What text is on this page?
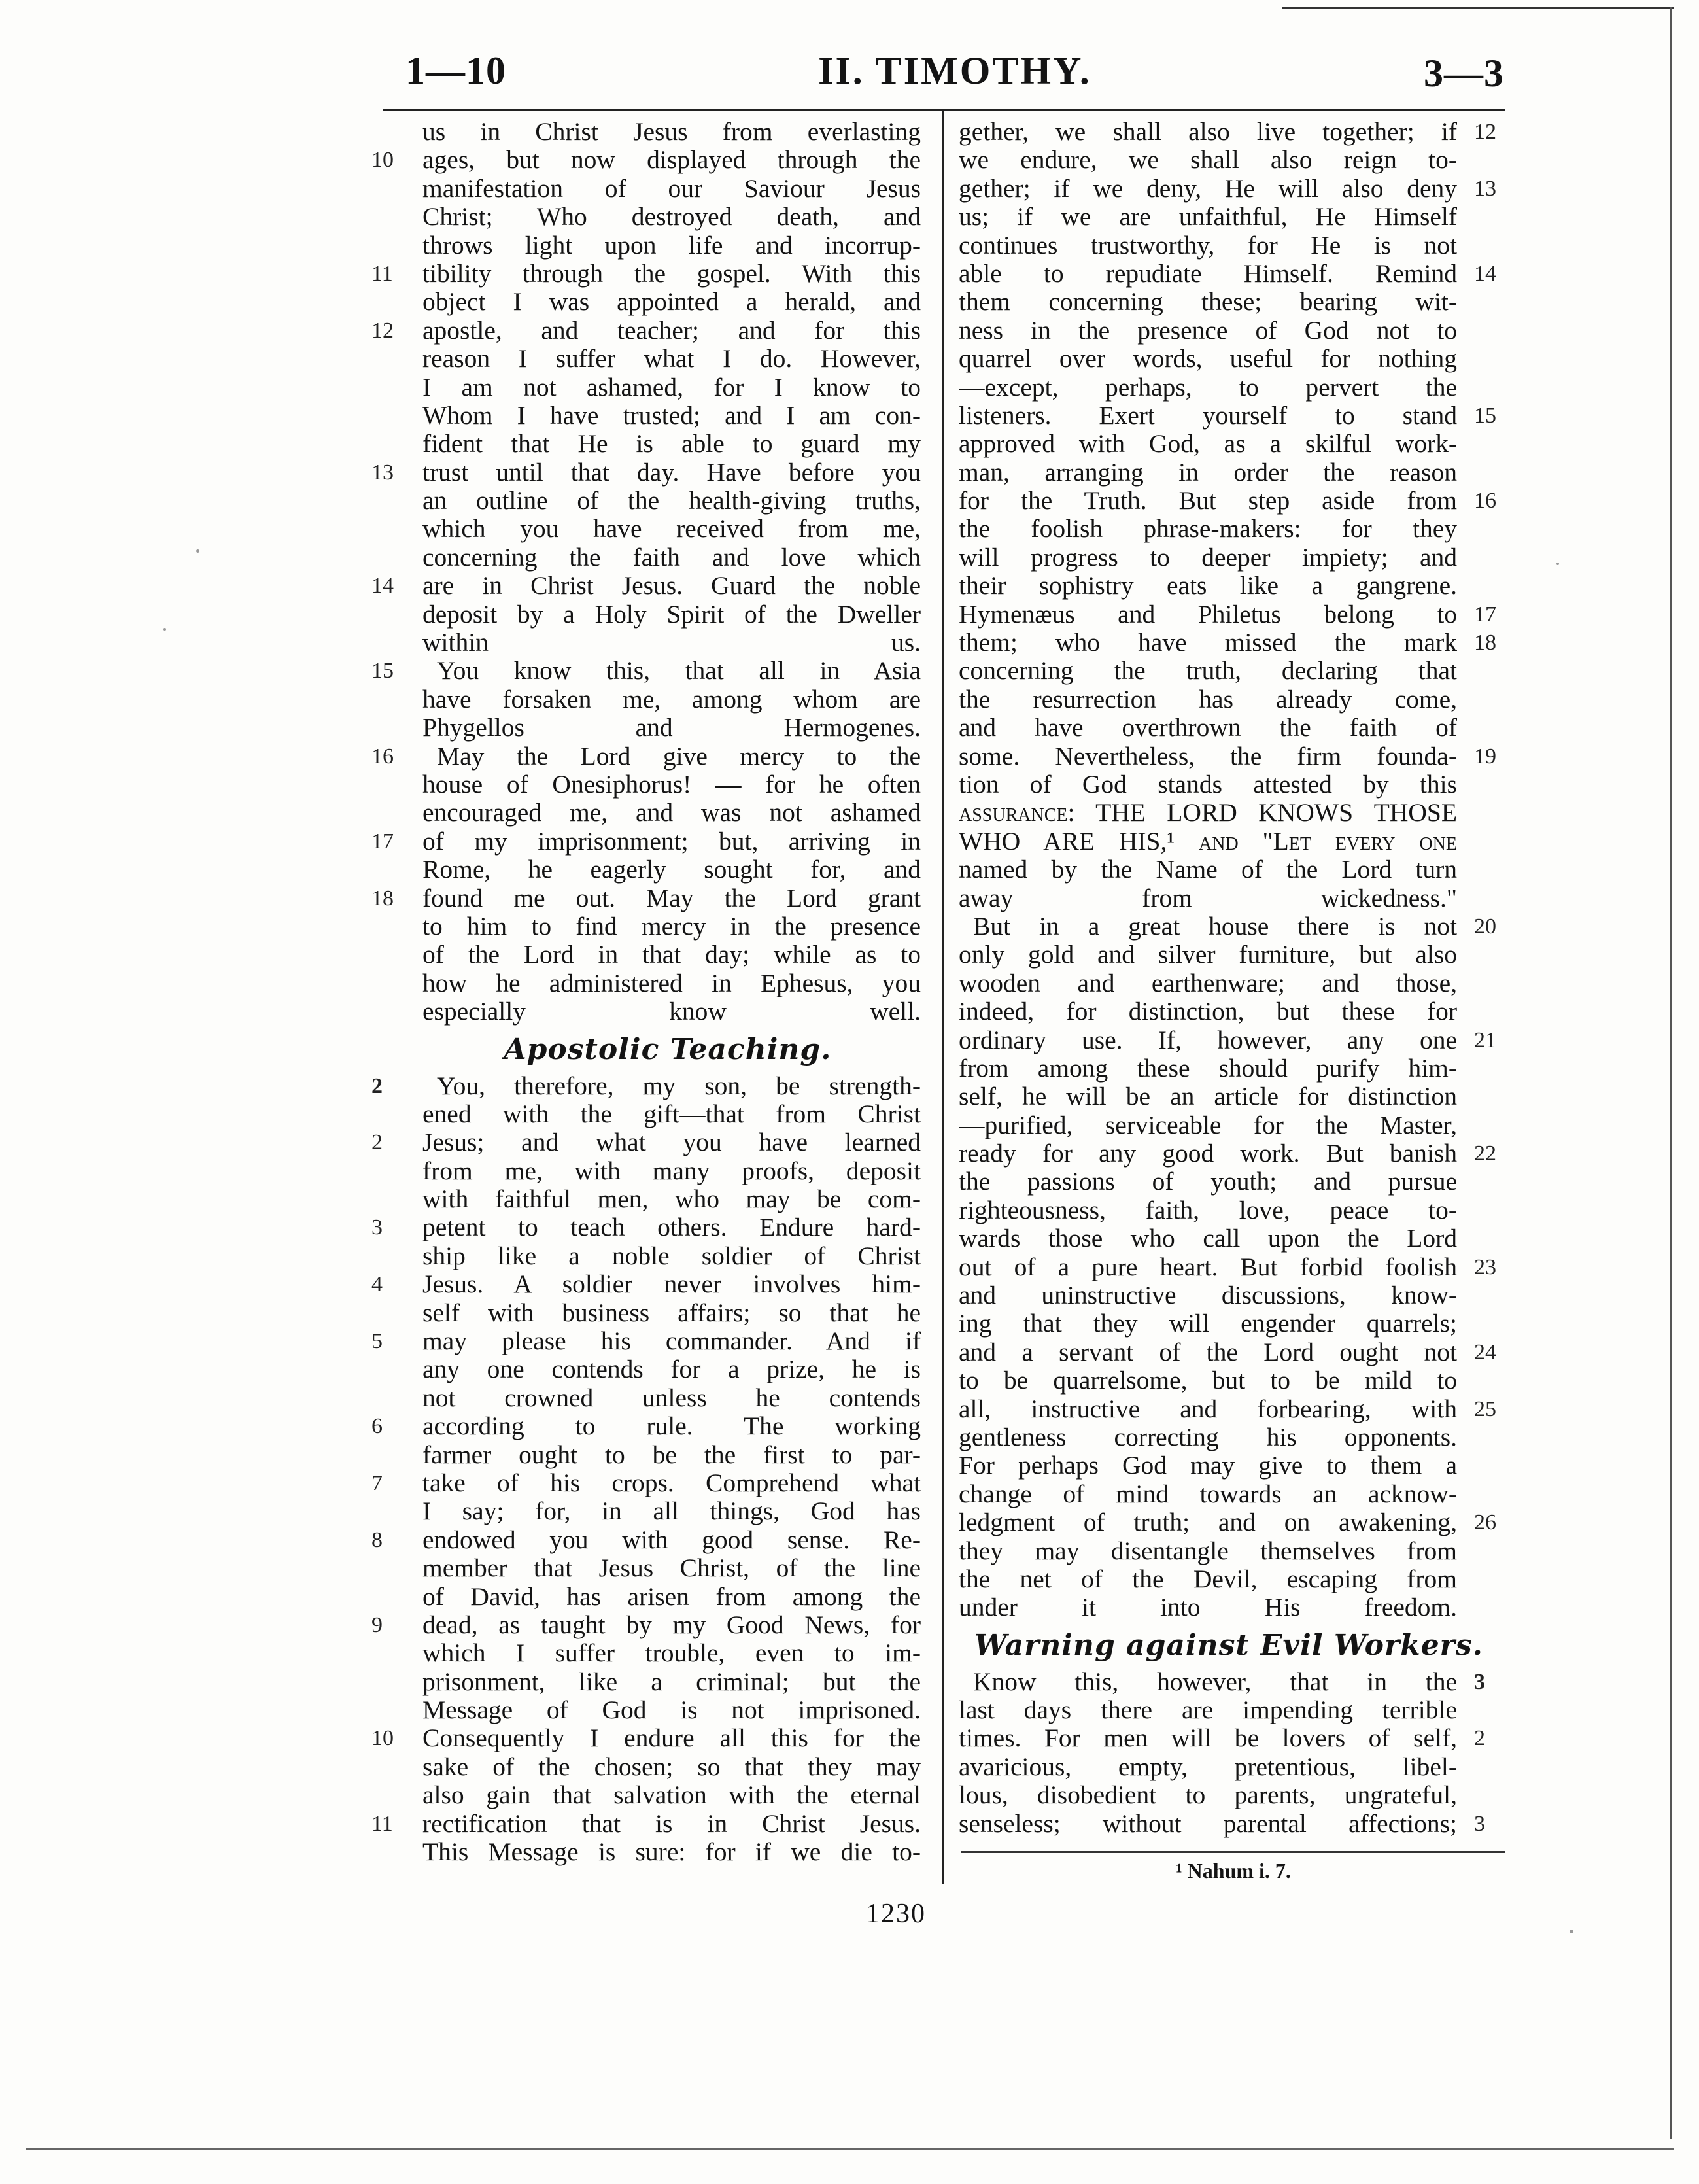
1—10	II. TIMOTHY.	3—3
us in Christ Jesus from everlasting
10	ages, but now displayed through the
manifestation of our Saviour Jesus
Christ; Who destroyed death, and
throws light upon life and incorrup-
11	tibility through the gospel. With this
object I was appointed a herald, and
12	apostle, and teacher; and for this
reason I suffer what I do. However,
I am not ashamed, for I know to
Whom I have trusted; and I am con-
fident that He is able to guard my
13	trust until that day. Have before you
an outline of the health-giving truths,
which you have received from me,
concerning the faith and love which
14	are in Christ Jesus. Guard the noble
deposit by a Holy Spirit of the Dweller
within us.
15	You know this, that all in Asia
have forsaken me, among whom are
Phygellos and Hermogenes.
16	May the Lord give mercy to the
house of Onesiphorus! — for he often
encouraged me, and was not ashamed
17	of my imprisonment; but, arriving in
Rome, he eagerly sought for, and
18	found me out. May the Lord grant
to him to find mercy in the presence
of the Lord in that day; while as to
how he administered in Ephesus, you
especially know well.
Apostolic Teaching.
2	You, therefore, my son, be strength-
ened with the gift—that from Christ
2	Jesus; and what you have learned
from me, with many proofs, deposit
with faithful men, who may be com-
3	petent to teach others. Endure hard-
ship like a noble soldier of Christ
4	Jesus. A soldier never involves him-
self with business affairs; so that he
5	may please his commander. And if
any one contends for a prize, he is
not crowned unless he contends
6	according to rule. The working
farmer ought to be the first to par-
7	take of his crops. Comprehend what
I say; for, in all things, God has
8	endowed you with good sense. Re-
member that Jesus Christ, of the line
of David, has arisen from among the
9	dead, as taught by my Good News, for
which I suffer trouble, even to im-
prisonment, like a criminal; but the
Message of God is not imprisoned.
10	Consequently I endure all this for the
sake of the chosen; so that they may
also gain that salvation with the eternal
11	rectification that is in Christ Jesus.
This Message is sure: for if we die to-
12
gether, we shall also live together; if
we endure, we shall also reign to-
13
gether; if we deny, He will also deny
us; if we are unfaithful, He Himself
continues trustworthy, for He is not
14
able to repudiate Himself. Remind
them concerning these; bearing wit-
ness in the presence of God not to
quarrel over words, useful for nothing
—except, perhaps, to pervert the
15
listeners. Exert yourself to stand
approved with God, as a skilful work-
man, arranging in order the reason
16
for the Truth. But step aside from
the foolish phrase-makers: for they
will progress to deeper impiety; and
their sophistry eats like a gangrene.
17
Hymenæus and Philetus belong to
18
them; who have missed the mark
concerning the truth, declaring that
the resurrection has already come,
and have overthrown the faith of
19
some. Nevertheless, the firm founda-
tion of God stands attested by this
assurance: THE LORD KNOWS THOSE
WHO ARE HIS,¹ and "Let every one
named by the Name of the Lord turn
away from wickedness."
20
But in a great house there is not
only gold and silver furniture, but also
wooden and earthenware; and those,
indeed, for distinction, but these for
21
ordinary use. If, however, any one
from among these should purify him-
self, he will be an article for distinction
—purified, serviceable for the Master,
22
ready for any good work. But banish
the passions of youth; and pursue
righteousness, faith, love, peace to-
wards those who call upon the Lord
23
out of a pure heart. But forbid foolish
and uninstructive discussions, know-
ing that they will engender quarrels;
24
and a servant of the Lord ought not
to be quarrelsome, but to be mild to
25
all, instructive and forbearing, with
gentleness correcting his opponents.
For perhaps God may give to them a
change of mind towards an acknow-
26
ledgment of truth; and on awakening,
they may disentangle themselves from
the net of the Devil, escaping from
under it into His freedom.
Warning against Evil Workers.
3
Know this, however, that in the
last days there are impending terrible
2
times. For men will be lovers of self,
avaricious, empty, pretentious, libel-
lous, disobedient to parents, ungrateful,
3
senseless; without parental affections;
¹ Nahum i. 7.
1230
